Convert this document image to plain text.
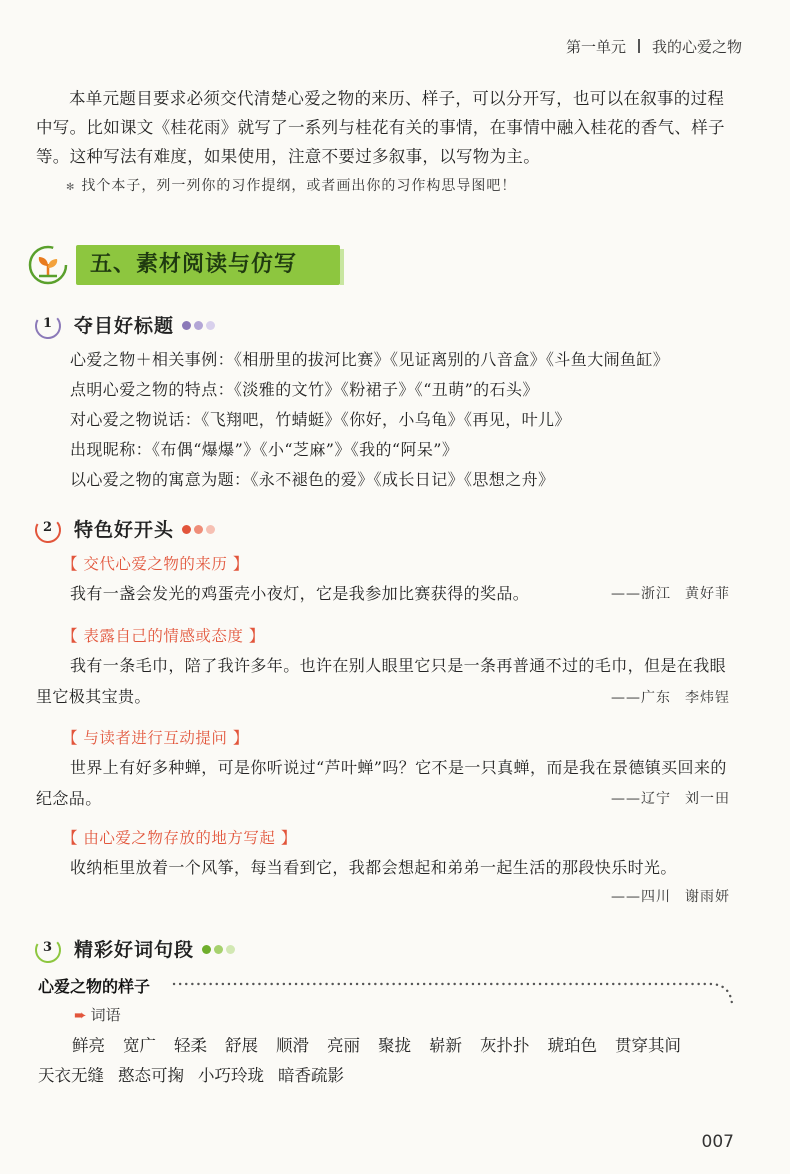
第一单元 我的心爱之物

本单元题目要求必须交代清楚心爱之物的来历、样子，可以分开写，也可以在叙事的过程中写。比如课文《桂花雨》就写了一系列与桂花有关的事情，在事情中融入桂花的香气、样子等。这种写法有难度，如果使用，注意不要过多叙事，以写物为主。

✻ 找个本子，列一列你的习作提纲，或者画出你的习作构思导图吧！
五、素材阅读与仿写
1 夺目好标题
心爱之物＋相关事例：《相册里的拔河比赛》《见证离别的八音盒》《斗鱼大闹鱼缸》
点明心爱之物的特点：《淡雅的文竹》《粉裙子》《“丑萌”的石头》
对心爱之物说话：《飞翔吧，竹蜻蜓》《你好，小乌龟》《再见，叶儿》
出现昵称：《布偶“爆爆”》《小“芝麻”》《我的“阿呆”》
以心爱之物的寓意为题：《永不褪色的爱》《成长日记》《思想之舟》
2 特色好开头
【 交代心爱之物的来历 】
我有一盏会发光的鸡蛋壳小夜灯，它是我参加比赛获得的奖品。	——浙江 黄好菲
【 表露自己的情感或态度 】

我有一条毛巾，陪了我许多年。也许在别人眼里它只是一条再普通不过的毛巾，但是在我眼里它极其宝贵。	——广东 李炜锃
【 与读者进行互动提问 】

世界上有好多种蝉，可是你听说过“芦叶蝉”吗？它不是一只真蝉，而是我在景德镇买回来的纪念品。	——辽宁 刘一田
【 由心爱之物存放的地方写起 】
收纳柜里放着一个风筝，每当看到它，我都会想起和弟弟一起生活的那段快乐时光。
——四川 谢雨妍
3 精彩好词句段
心爱之物的样子
➨ 词语
鲜亮 宽广 轻柔 舒展 顺滑 亮丽 聚拢 崭新 灰扑扑 琥珀色 贯穿其间
天衣无缝 憨态可掬 小巧玲珑 暗香疏影
007
